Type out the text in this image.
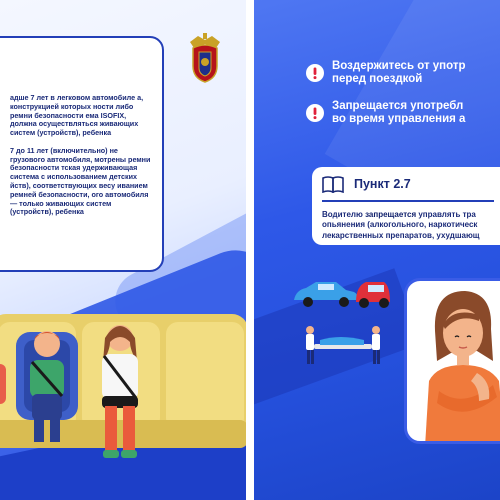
адше 7 лет в легковом автомобиле а, конструкцией которых ности либо ремни безопасности ема ISOFIX, должна осуществляться живающих систем (устройств), ребенка

7 до 11 лет (включительно) не грузового автомобиля, мотрены ремни безопасности тская удерживающая система с использованием детских йств), соответствующих весу иванием ремней безопасности, ого автомобиля — только живающих систем (устройств), ребенка

Воздержитесь от употр
перед поездкой
Запрещается употребл
во время управления а
Пункт 2.7
Водителю запрещается управлять тра
опьянения (алкогольного, наркотическ
лекарственных препаратов, ухудшающ
